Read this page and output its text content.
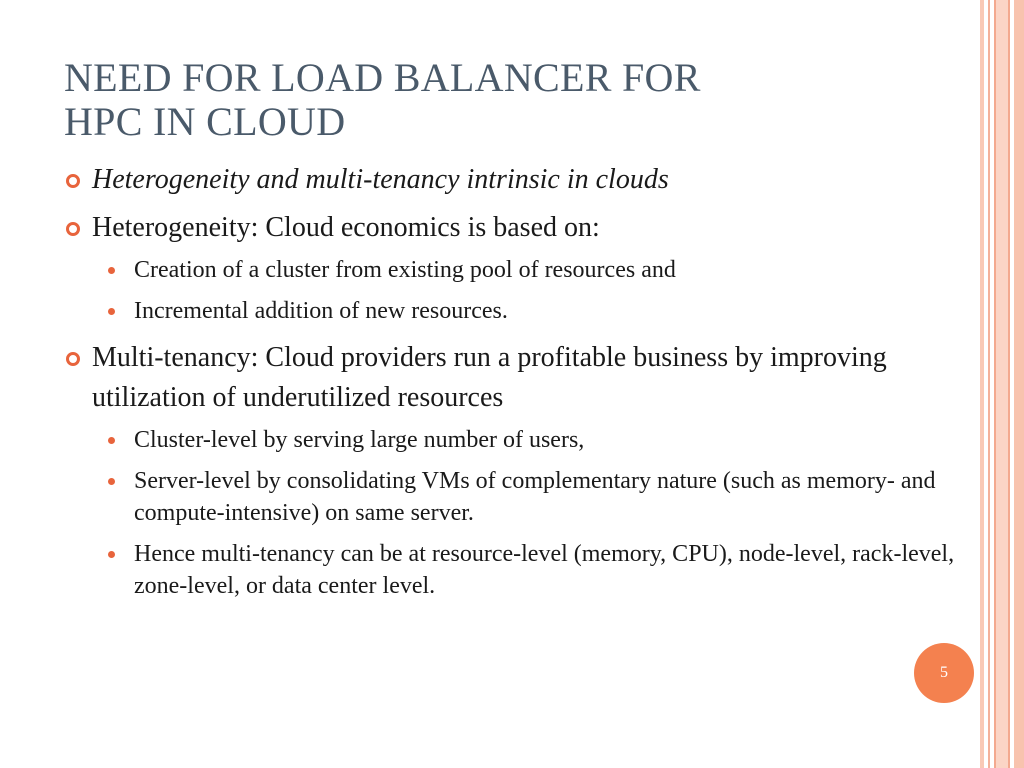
NEED FOR LOAD BALANCER FOR
HPC IN CLOUD
Heterogeneity and multi-tenancy intrinsic in clouds
Heterogeneity: Cloud economics is based on:
Creation of a cluster from existing pool of resources and
Incremental addition of new resources.
Multi-tenancy: Cloud providers run a profitable business by improving utilization of underutilized resources
Cluster-level by serving large number of users,
Server-level by consolidating VMs of complementary nature (such as memory- and compute-intensive) on same server.
Hence multi-tenancy can be at resource-level (memory, CPU), node-level, rack-level, zone-level, or data center level.
5
